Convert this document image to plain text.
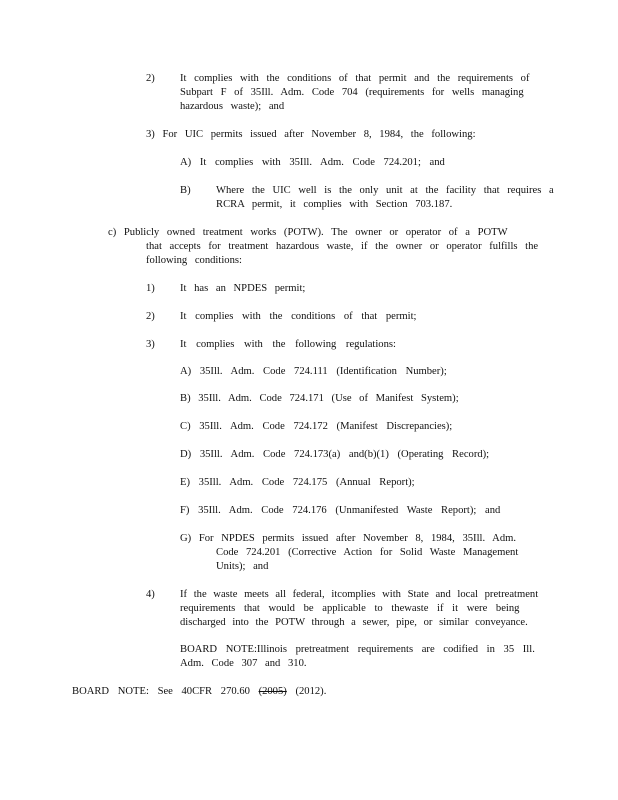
2) It complies with the conditions of that permit and the requirements of
Subpart F of 35Ill. Adm. Code 704 (requirements for wells managing
hazardous waste); and
3) For UIC permits issued after November 8, 1984, the following:
A) It complies with 35Ill. Adm. Code 724.201; and
B) Where the UIC well is the only unit at the facility that requires a
RCRA permit, it complies with Section 703.187.
c) Publicly owned treatment works (POTW). The owner or operator of a POTW
that accepts for treatment hazardous waste, if the owner or operator fulfills the
following conditions:
1) It has an NPDES permit;
2) It complies with the conditions of that permit;
3) It complies with the following regulations:
A) 35Ill. Adm. Code 724.111 (Identification Number);
B) 35Ill. Adm. Code 724.171 (Use of Manifest System);
C) 35Ill. Adm. Code 724.172 (Manifest Discrepancies);
D) 35Ill. Adm. Code 724.173(a) and(b)(1) (Operating Record);
E) 35Ill. Adm. Code 724.175 (Annual Report);
F) 35Ill. Adm. Code 724.176 (Unmanifested Waste Report); and
G) For NPDES permits issued after November 8, 1984, 35Ill. Adm.
Code 724.201 (Corrective Action for Solid Waste Management
Units); and
4) If the waste meets all federal, itcomplies with State and local pretreatment
requirements that would be applicable to thewaste if it were being
discharged into the POTW through a sewer, pipe, or similar conveyance.
BOARD NOTE:Illinois pretreatment requirements are codified in 35 Ill.
Adm. Code 307 and 310.
BOARD NOTE: See 40CFR 270.60 (2005) (2012).
